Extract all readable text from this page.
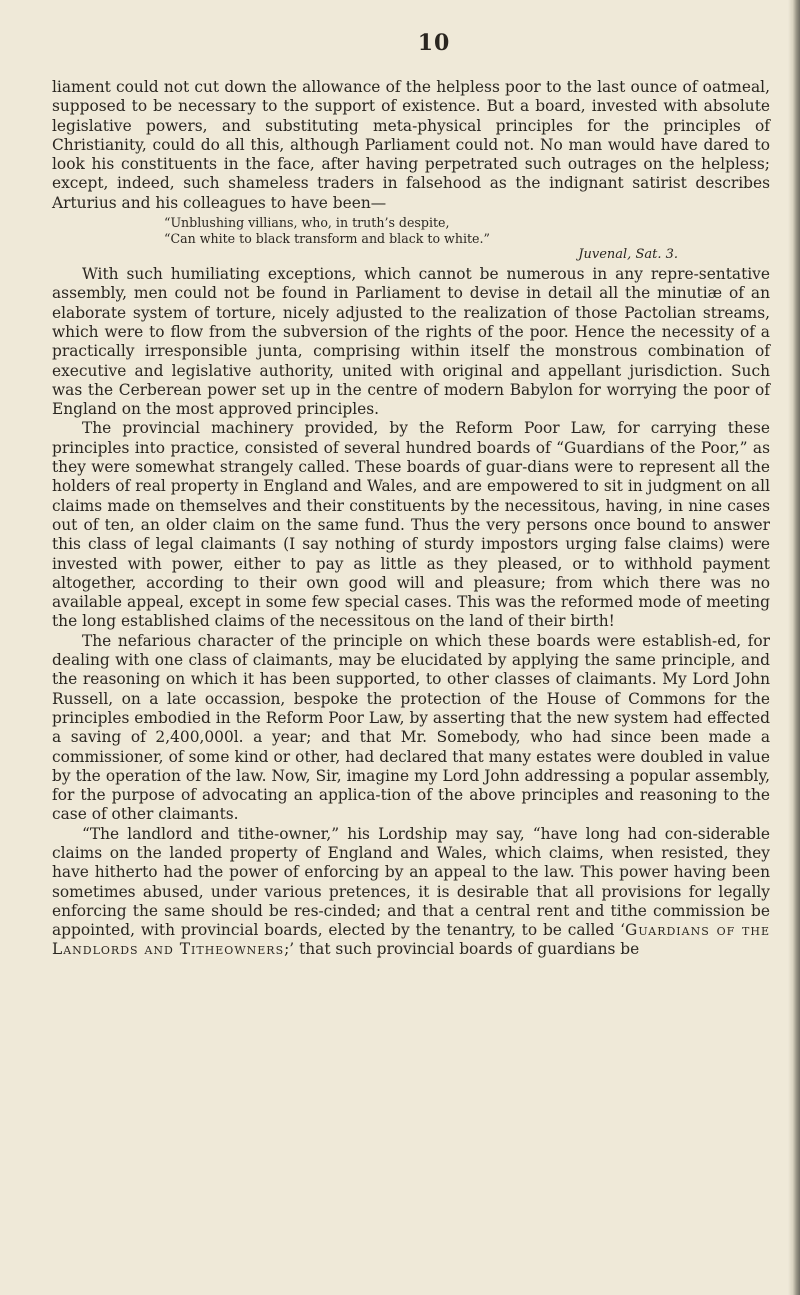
10

liament could not cut down the allowance of the helpless poor to the last ounce of oatmeal, supposed to be necessary to the support of existence. But a board, invested with absolute legislative powers, and substituting meta-physical principles for the principles of Christianity, could do all this, although Parliament could not. No man would have dared to look his constituents in the face, after having perpetrated such outrages on the helpless; except, indeed, such shameless traders in falsehood as the indignant satirist describes Arturius and his colleagues to have been—

“Unblushing villians, who, in truth’s despite,
“Can white to black transform and black to white.”
Juvenal, Sat. 3.

With such humiliating exceptions, which cannot be numerous in any repre-sentative assembly, men could not be found in Parliament to devise in detail all the minutiæ of an elaborate system of torture, nicely adjusted to the realization of those Pactolian streams, which were to flow from the subversion of the rights of the poor. Hence the necessity of a practically irresponsible junta, comprising within itself the monstrous combination of executive and legislative authority, united with original and appellant jurisdiction. Such was the Cerberean power set up in the centre of modern Babylon for worrying the poor of England on the most approved principles.

The provincial machinery provided, by the Reform Poor Law, for carrying these principles into practice, consisted of several hundred boards of “Guardians of the Poor,” as they were somewhat strangely called. These boards of guar-dians were to represent all the holders of real property in England and Wales, and are empowered to sit in judgment on all claims made on themselves and their constituents by the necessitous, having, in nine cases out of ten, an older claim on the same fund. Thus the very persons once bound to answer this class of legal claimants (I say nothing of sturdy impostors urging false claims) were invested with power, either to pay as little as they pleased, or to withhold payment altogether, according to their own good will and pleasure; from which there was no available appeal, except in some few special cases. This was the reformed mode of meeting the long established claims of the necessitous on the land of their birth!

The nefarious character of the principle on which these boards were establish-ed, for dealing with one class of claimants, may be elucidated by applying the same principle, and the reasoning on which it has been supported, to other classes of claimants. My Lord John Russell, on a late occassion, bespoke the protection of the House of Commons for the principles embodied in the Reform Poor Law, by asserting that the new system had effected a saving of 2,400,000l. a year; and that Mr. Somebody, who had since been made a commissioner, of some kind or other, had declared that many estates were doubled in value by the operation of the law. Now, Sir, imagine my Lord John addressing a popular assembly, for the purpose of advocating an applica-tion of the above principles and reasoning to the case of other claimants.

“The landlord and tithe-owner,” his Lordship may say, “have long had con-siderable claims on the landed property of England and Wales, which claims, when resisted, they have hitherto had the power of enforcing by an appeal to the law. This power having been sometimes abused, under various pretences, it is desirable that all provisions for legally enforcing the same should be res-cinded; and that a central rent and tithe commission be appointed, with provincial boards, elected by the tenantry, to be called ‘Guardians of the Landlords and Titheowners;’ that such provincial boards of guardians be
